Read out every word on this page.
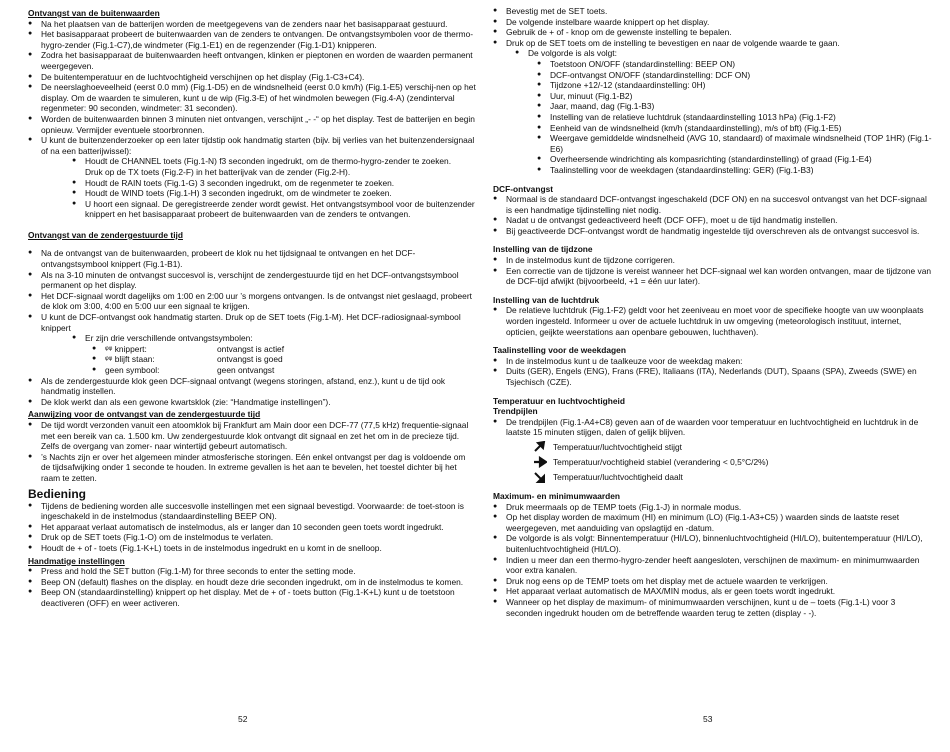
Ontvangst van de buitenwaarden
●	Na het plaatsen van de batterijen worden de meetgegevens van de zenders naar het basisapparaat gestuurd.
●	Het basisapparaat probeert de buitenwaarden van de zenders te ontvangen. De ontvangstsymbolen voor de thermo-hygro-zender (Fig.1-C7),de windmeter (Fig.1-E1) en de regenzender (Fig.1-D1) knipperen.
●	Zodra het basisapparaat de buitenwaarden heeft ontvangen, klinken er pieptonen en worden de waarden permanent weergegeven.
●	De buitentemperatuur en de luchtvochtigheid verschijnen op het display (Fig.1-C3+C4).
●	De neerslaghoeveelheid (eerst 0.0 mm) (Fig.1-D5) en de windsnelheid (eerst 0.0 km/h) (Fig.1-E5) verschij-nen op het display. Om de waarden te simuleren, kunt u de wip (Fig.3-E) of het windmolen bewegen (Fig.4-A) (zendinterval regenmeter: 90 seconden, windmeter: 31 seconden).
●	Worden de buitenwaarden binnen 3 minuten niet ontvangen, verschijnt „- -“ op het display. Test de batterijen en begin opnieuw. Vermijder eventuele stoorbronnen.
●	U kunt de buitenzenderzoeker op een later tijdstip ook handmatig starten (bijv. bij verlies van het buitenzendersignaal of na een batterijwissel):
●	Houdt de CHANNEL toets (Fig.1-N) f3 seconden ingedrukt, om de thermo-hygro-zender te zoeken.
Druk op de TX toets (Fig.2-F) in het batterijvak van de zender (Fig.2-H).
●	Houdt de RAIN toets (Fig.1-G) 3 seconden ingedrukt, om de regenmeter te zoeken.
●	Houdt de WIND toets (Fig.1-H) 3 seconden ingedrukt, om de windmeter te zoeken.
●	U hoort een signaal. De geregistreerde zender wordt gewist. Het ontvangstsymbool voor de buitenzender knippert en het basisapparaat probeert de buitenwaarden van de zenders te ontvangen.
Ontvangst van de zendergestuurde tijd
●	Na de ontvangst van de buitenwaarden, probeert de klok nu het tijdsignaal te ontvangen en het DCF-ontvangstsymbool knippert (Fig.1-B1).
●	Als na 3-10 minuten de ontvangst succesvol is, verschijnt de zendergestuurde tijd en het DCF-ontvangstsymbool permanent op het display.
●	Het DCF-signaal wordt dagelijks om 1:00 en 2:00 uur ’s morgens ontvangen. Is de ontvangst niet geslaagd, probeert de klok om 3:00, 4:00 en 5:00 uur een signaal te krijgen.
●	U kunt de DCF-ontvangst ook handmatig starten. Druk op de SET toets (Fig.1-M). Het DCF-radiosignaal-symbool knippert
●	Er zijn drie verschillende ontvangstsymbolen:
●	ᵠᵠ knippert:	ontvangst is actief
●	ᵠᵠ blijft staan:	ontvangst is goed
●	geen symbool:	geen ontvangst
●	Als de zendergestuurde klok geen DCF-signaal ontvangt (wegens storingen, afstand, enz.), kunt u de tijd ook handmatig instellen.
●	De klok werkt dan als een gewone kwartsklok (zie: “Handmatige instellingen”).
Aanwijzing voor de ontvangst van de zendergestuurde tijd
●	De tijd wordt verzonden vanuit een atoomklok bij Frankfurt am Main door een DCF-77 (77,5 kHz) frequentie-signaal met een bereik van ca. 1.500 km. Uw zendergestuurde klok ontvangt dit signaal en zet het om in de precieze tijd. Zelfs de overgang van zomer- naar wintertijd gebeurt automatisch.
●	’s Nachts zijn er over het algemeen minder atmosferische storingen. Eén enkel ontvangst per dag is voldoende om de tijdsafwijking onder 1 seconde te houden. In extreme gevallen is het aan te bevelen, het toestel dichter bij het raam te zetten.
Bediening
●	Tijdens de bediening worden alle succesvolle instellingen met een signaal bevestigd. Voorwaarde: de toet-stoon is ingeschakeld in de instelmodus (standaardinstelling BEEP ON).
●	Het apparaat verlaat automatisch de instelmodus, als er langer dan 10 seconden geen toets wordt ingedrukt.
●	Druk op de SET toets (Fig.1-O) om de instelmodus te verlaten.
●	Houdt de + of - toets (Fig.1-K+L) toets in de instelmodus ingedrukt en u komt in de snelloop.
Handmatige instellingen
●	Press and hold the SET button (Fig.1-M) for three seconds to enter the setting mode.
●	Beep ON (default) flashes on the display. en houdt deze drie seconden ingedrukt, om in de instelmodus te komen.
●	Beep ON (standaardinstelling) knippert op het display. Met de + of - toets button (Fig.1-K+L) kunt u de toetstoon deactiveren (OFF) en weer activeren.
52
●	Bevestig met de SET toets.
●	De volgende instelbare waarde knippert op het display.
●	Gebruik de + of - knop om de gewenste instelling te bepalen.
●	Druk op de SET toets om de instelling te bevestigen en naar de volgende waarde te gaan.
●	De volgorde is als volgt:
●	Toetstoon ON/OFF (standardinstelling: BEEP ON)
●	DCF-ontvangst ON/OFF (standardinstelling: DCF ON)
●	Tijdzone +12/-12 (standaardinstelling: 0H)
●	Uur, minuut (Fig.1-B2)
●	Jaar, maand, dag (Fig.1-B3)
●	Instelling van de relatieve luchtdruk (standaardinstelling 1013 hPa) (Fig.1-F2)
●	Eenheid van de windsnelheid (km/h (standaardinstelling), m/s of bft) (Fig.1-E5)
●	Weergave gemiddelde windsnelheid (AVG 10, standaard) of maximale windsnelheid (TOP 1HR) (Fig.1-E6)
●	Overheersende windrichting als kompasrichting (standardinstelling) of graad (Fig.1-E4)
●	Taalinstelling voor de weekdagen (standaardinstelling: GER) (Fig.1-B3)
DCF-ontvangst
●	Normaal is de standaard DCF-ontvangst ingeschakeld (DCF ON) en na succesvol ontvangst van het DCF-signaal is een handmatige tijdinstelling niet nodig.
●	Nadat u de ontvangst gedeactiveerd heeft (DCF OFF), moet u de tijd handmatig instellen.
●	Bij geactiveerde DCF-ontvangst wordt de handmatig ingestelde tijd overschreven als de ontvangst succesvol is.
Instelling van de tijdzone
●	In de instelmodus kunt de tijdzone corrigeren.
●	Een correctie van de tijdzone is vereist wanneer het DCF-signaal wel kan worden ontvangen, maar de tijdzone van de DCF-tijd afwijkt (bijvoorbeeld, +1 = één uur later).
Instelling van de luchtdruk
●	De relatieve luchtdruk (Fig.1-F2) geldt voor het zeeniveau en moet voor de specifieke hoogte van uw woonplaats worden ingesteld. Informeer u over de actuele luchtdruk in uw omgeving (meteorologisch instituut, internet, opticien, geijkte weerstations aan openbare gebouwen, luchthaven).
Taalinstelling voor de weekdagen
●	In de instelmodus kunt u de taalkeuze voor de weekdag maken:
●	Duits (GER), Engels (ENG), Frans (FRE), Italiaans (ITA), Nederlands (DUT), Spaans (SPA), Zweeds (SWE) en Tsjechisch (CZE).
Temperatuur en luchtvochtigheid
Trendpijlen
●	De trendpijlen (Fig.1-A4+C8) geven aan of de waarden voor temperatuur en luchtvochtigheid en luchtdruk in de laatste 15 minuten stijgen, dalen of gelijk blijven.
Temperatuur/luchtvochtigheid stijgt
Temperatuur/vochtigheid stabiel (verandering < 0,5°C/2%)
Temperatuur/luchtvochtigheid daalt
Maximum- en minimumwaarden
●	Druk meermaals op de TEMP toets (Fig.1-J) in normale modus.
●	Op het display worden de maximum (HI) en minimum (LO) (Fig.1-A3+C5) ) waarden sinds de laatste reset weergegeven, met aanduiding van opslagtijd en -datum.
●	De volgorde is als volgt: Binnentemperatuur (HI/LO), binnenluchtvochtigheid (HI/LO), buitentemperatuur (HI/LO), buitenluchtvochtigheid (HI/LO).
●	Indien u meer dan een thermo-hygro-zender heeft aangesloten, verschijnen de maximum- en minimumwaarden voor extra kanalen.
●	Druk nog eens op de TEMP toets om het display met de actuele waarden te verkrijgen.
●	Het apparaat verlaat automatisch de MAX/MIN modus, als er geen toets wordt ingedrukt.
●	Wanneer op het display de maximum- of minimumwaarden verschijnen, kunt u de – toets (Fig.1-L) voor 3 seconden ingedrukt houden om de betreffende waarden terug te zetten (display - -).
53
